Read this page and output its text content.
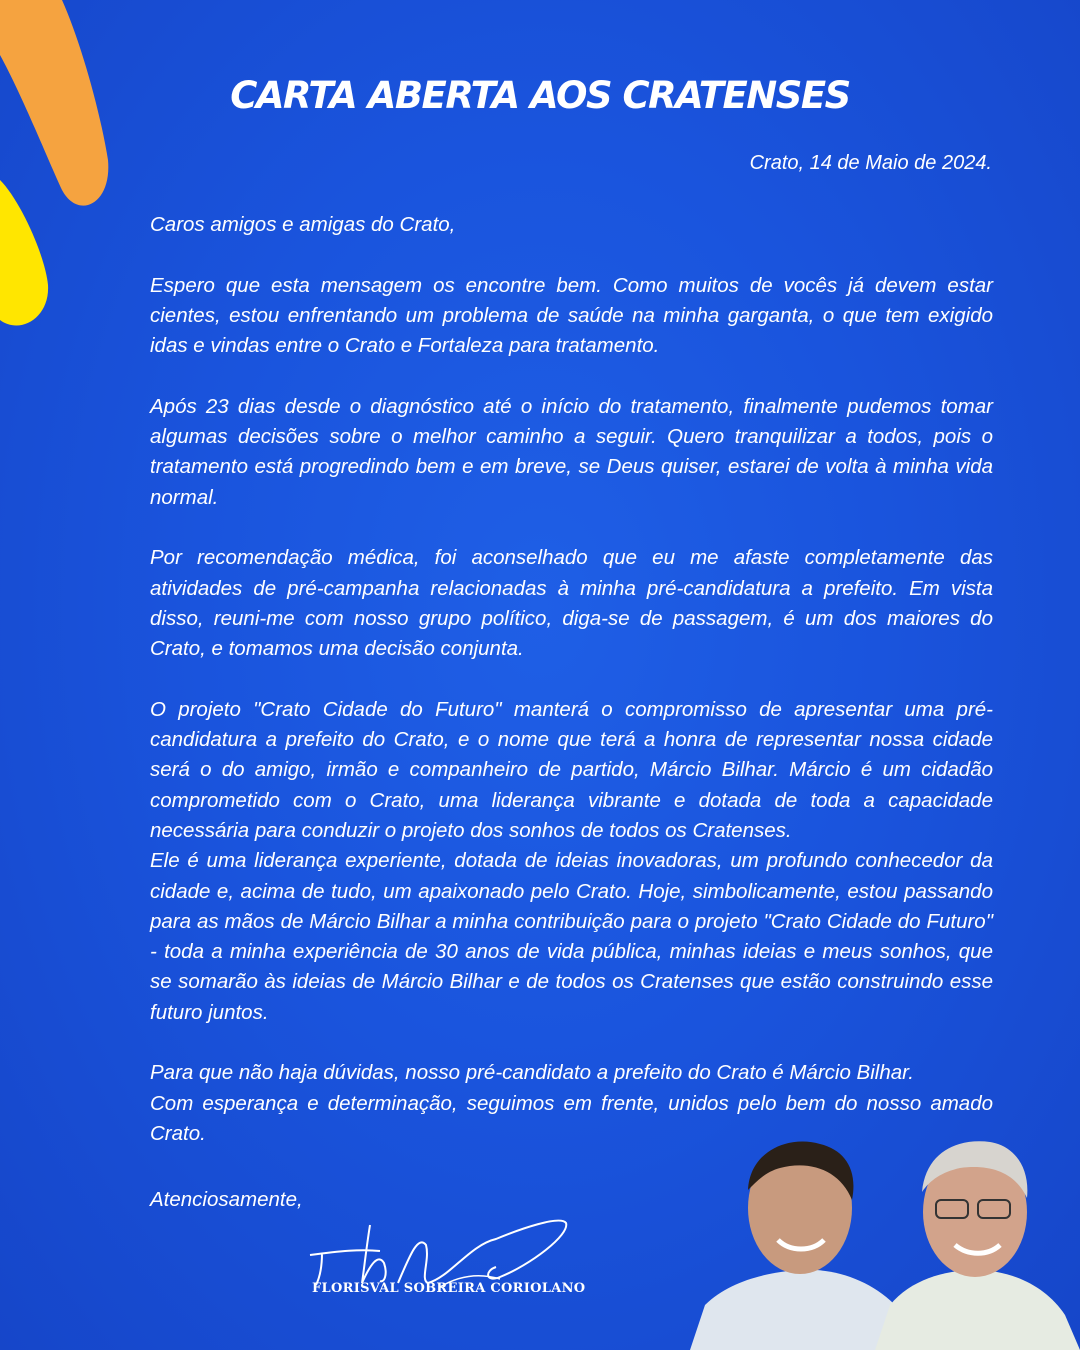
CARTA ABERTA AOS CRATENSES
Crato, 14 de Maio de 2024.

Caros amigos e amigas do Crato,

Espero que esta mensagem os encontre bem. Como muitos de vocês já devem estar cientes, estou enfrentando um problema de saúde na minha garganta, o que tem exigido idas e vindas entre o Crato e Fortaleza para tratamento.

Após 23 dias desde o diagnóstico até o início do tratamento, finalmente pudemos tomar algumas decisões sobre o melhor caminho a seguir. Quero tranquilizar a todos, pois o tratamento está progredindo bem e em breve, se Deus quiser, estarei de volta à minha vida normal.

Por recomendação médica, foi aconselhado que eu me afaste completamente das atividades de pré-campanha relacionadas à minha pré-candidatura a prefeito. Em vista disso, reuni-me com nosso grupo político, diga-se de passagem, é um dos maiores do Crato, e tomamos uma decisão conjunta.

O projeto "Crato Cidade do Futuro" manterá o compromisso de apresentar uma pré-candidatura a prefeito do Crato, e o nome que terá a honra de representar nossa cidade será o do amigo, irmão e companheiro de partido, Márcio Bilhar. Márcio é um cidadão comprometido com o Crato, uma liderança vibrante e dotada de toda a capacidade necessária para conduzir o projeto dos sonhos de todos os Cratenses.

Ele é uma liderança experiente, dotada de ideias inovadoras, um profundo conhecedor da cidade e, acima de tudo, um apaixonado pelo Crato. Hoje, simbolicamente, estou passando para as mãos de Márcio Bilhar a minha contribuição para o projeto "Crato Cidade do Futuro" - toda a minha experiência de 30 anos de vida pública, minhas ideias e meus sonhos, que se somarão às ideias de Márcio Bilhar e de todos os Cratenses que estão construindo esse futuro juntos.

Para que não haja dúvidas, nosso pré-candidato a prefeito do Crato é Márcio Bilhar.

Com esperança e determinação, seguimos em frente, unidos pelo bem do nosso amado Crato.

Atenciosamente,
FLORISVAL SOBREIRA CORIOLANO
